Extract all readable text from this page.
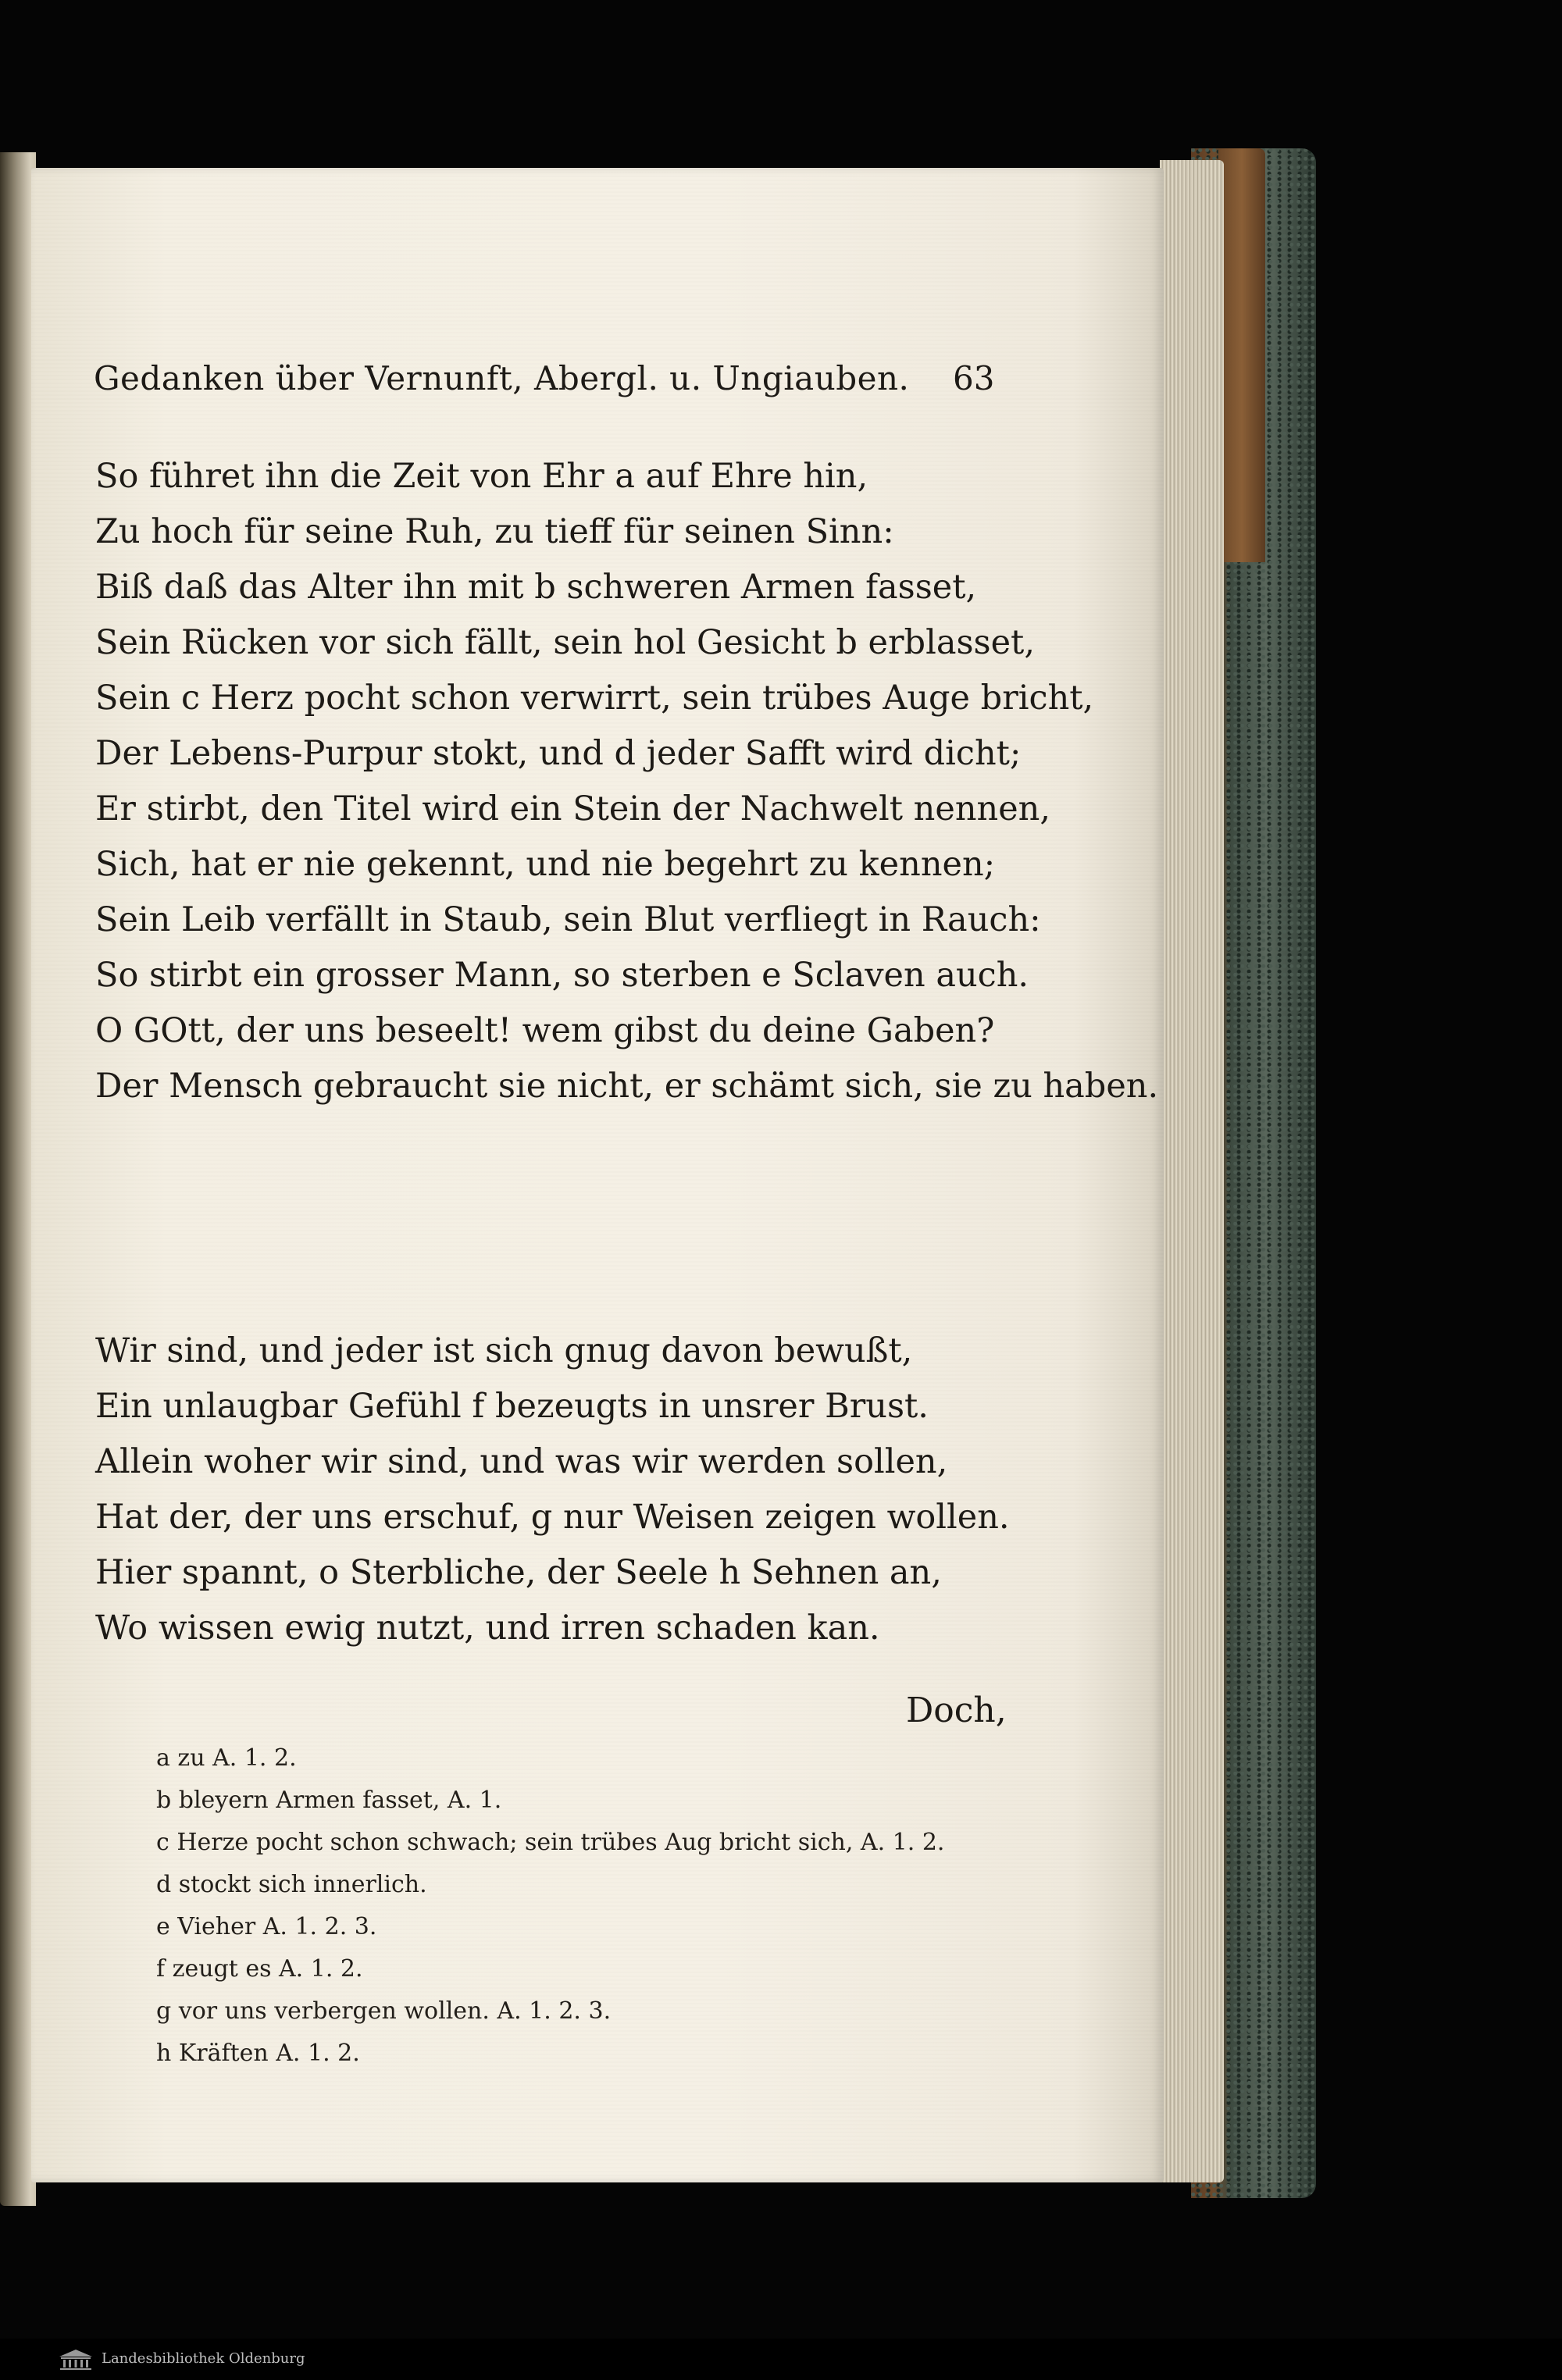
Gedanken über Vernunft, Abergl. u. Ungiauben.	63
So führet ihn die Zeit von Ehr a auf Ehre hin,
Zu hoch für seine Ruh, zu tieff für seinen Sinn:
Biß daß das Alter ihn mit b schweren Armen fasset,
Sein Rücken vor sich fällt, sein hol Gesicht b erblasset,
Sein c Herz pocht schon verwirrt, sein trübes Auge bricht,
Der Lebens-Purpur stokt, und d jeder Safft wird dicht;
Er stirbt, den Titel wird ein Stein der Nachwelt nennen,
Sich, hat er nie gekennt, und nie begehrt zu kennen;
Sein Leib verfällt in Staub, sein Blut verfliegt in Rauch:
So stirbt ein grosser Mann, so sterben e Sclaven auch.
O GOtt, der uns beseelt! wem gibst du deine Gaben?
Der Mensch gebraucht sie nicht, er schämt sich, sie zu haben.
Wir sind, und jeder ist sich gnug davon bewußt,
Ein unlaugbar Gefühl f bezeugts in unsrer Brust.
Allein woher wir sind, und was wir werden sollen,
Hat der, der uns erschuf, g nur Weisen zeigen wollen.
Hier spannt, o Sterbliche, der Seele h Sehnen an,
Wo wissen ewig nutzt, und irren schaden kan.
Doch,
a zu A. 1. 2.
b bleyern Armen fasset, A. 1.
c Herze pocht schon schwach; sein trübes Aug bricht sich, A. 1. 2.
d stockt sich innerlich.
e Vieher A. 1. 2. 3.
f zeugt es A. 1. 2.
g vor uns verbergen wollen. A. 1. 2. 3.
h Kräften A. 1. 2.
Landesbibliothek Oldenburg
